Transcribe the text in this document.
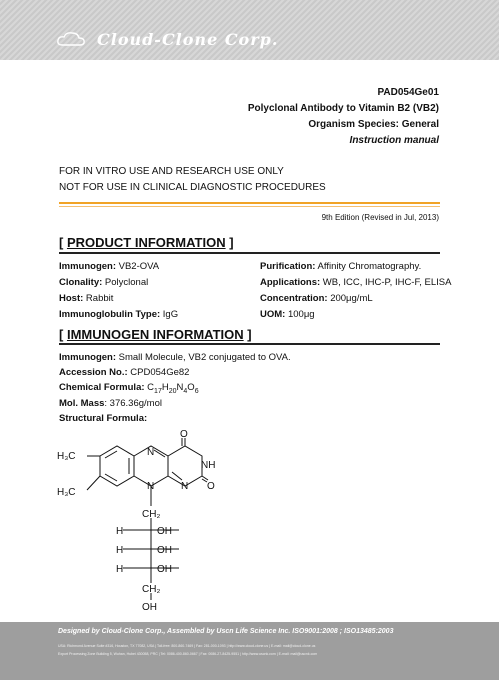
Cloud-Clone Corp.
PAD054Ge01
Polyclonal Antibody to Vitamin B2 (VB2)
Organism Species: General
Instruction manual
FOR IN VITRO USE AND RESEARCH USE ONLY
NOT FOR USE IN CLINICAL DIAGNOSTIC PROCEDURES
9th Edition (Revised in Jul, 2013)
[ PRODUCT INFORMATION ]
Immunogen: VB2-OVA
Clonality: Polyclonal
Host: Rabbit
Immunoglobulin Type: IgG
Purification: Affinity Chromatography.
Applications: WB, ICC, IHC-P, IHC-F, ELISA
Concentration: 200μg/mL
UOM: 100μg
[ IMMUNOGEN INFORMATION ]
Immunogen: Small Molecule, VB2 conjugated to OVA.
Accession No.: CPD054Ge82
Chemical Formula: $C_{17}H_{20}N_4O_6$
Mol. Mass: 376.36g/mol
Structural Formula:
H₃C
H₃C
N
N	N
NH
O
O
CH₂
H
H
H
OH
OH
OH
CH₂
OH
Designed by Cloud-Clone Corp., Assembled by Uscn Life Science Inc. ISO9001:2008 ; ISO13485:2003
USA: Richmond Avenue Suite #316, Houston, TX 77082, USA | Toll-free: 800-860-7469 | Fax: 281-000-1093 | http://www.cloud-clone.us | E-mail: mail@cloud-clone.us
Export Processing Zone Building 5, Wuhan, Hubei 430058, PRC | Tel: 0086-400-860-0667 | Fax: 0086-27-8425-9551 | http://www.uscnk.com | E-mail: mail@uscnk.com
